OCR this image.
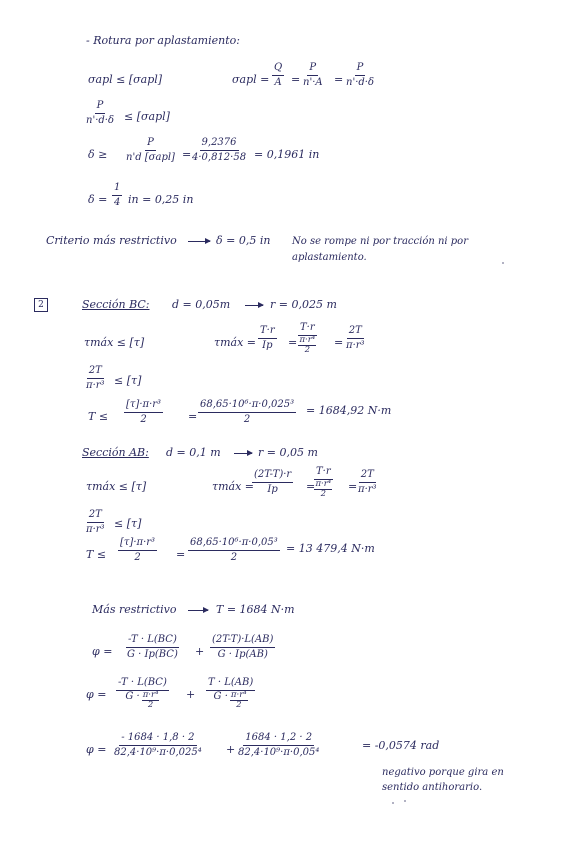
- Rotura por aplastamiento:
σapl ≤ [σapl]	$\sigma apl = \frac{Q}{A} = \frac{P}{n'\cdot A} = \frac{P}{n'\cdot d\cdot\delta}$
$\frac{P}{n'\cdot d\cdot\delta} \le [\sigma apl]$
δ ≥
P
n'd $[\sigma apl] = \frac{9,2376}{4\cdot 0,812\cdot 58} = 0,1961$ in
$\delta = \frac{1}{4}$ in = 0,25 in
Criterio más restrictivo	δ = 0,5 in No se rompe ni por tracción ni por
aplastamiento.
2	Sección BC: d = 0,05m	r = 0,025 m
τmáx ≤ [τ]	τmáx = $\frac{T\cdot r}{Ip}$ =
T·r
π·r⁴
2
= $\frac{2T}{\text{π·r³}}$
$\frac{2T}{\text{π·r³}} \le [\tau]$
$T \le \frac{\text{[τ]·π·r³}}{2} = \frac{\text{68,65·10⁶·π·0,025³}}{2} = 1684,92$ N·m
Sección AB: d = 0,1 m	r = 0,05 m
τmáx ≤ [τ]	τmáx =
$\frac{(2T-T)\cdot r}{Ip}$ =
T·r
π·r⁴
2
= $\frac{2T}{\text{π·r³}}$
$\frac{2T}{\text{π·r³}} \le [\tau]$
$T \le \frac{\text{[τ]·π·r³}}{2} = \frac{\text{68,65·10⁶·π·0,05³}}{2} = 13$ 479,4 N·m
Más restrictivo	T = 1684 N·m
$\varphi = \frac{-T \cdot L(BC)}{G \cdot Ip(BC)} + \frac{(2T-T)\cdot L(AB)}{G \cdot Ip(AB)}$
φ =
-T · L(BC)
G · π·r⁴
2
+
T · L(AB)
G · π·r⁴
2
$\varphi = \frac{- 1684 \cdot 1,8 \cdot 2}{\text{82,4·10⁹·π·0,025⁴}} + \frac{1684 \cdot 1,2 \cdot 2}{\text{82,4·10⁹·π·0,05⁴}}$	= -0,0574 rad
negativo porque gira en
sentido antihorario.
